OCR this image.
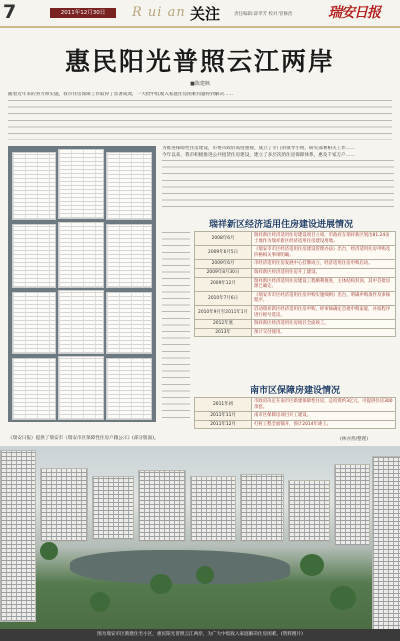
7	2011年12月30日	R ui an 关注	责任编辑:薛孝芳 校对:管修治	瑞安日报
惠民阳光普照云江两岸
■陈建枫
随着近年来的努力和实施，我市住房保障工作取得了显著成效，一大批中低收入家庭住房困难问题得到解决……
为推进保障性住房建设，市委市政府高度重视，成立了专门的领导小组，研究部署相关工作……
今年以来，我市积极推进公共租赁住房建设，建立了多层次的住房保障体系，惠及千家万户……
《瑞安日报》提供了瑞安市《瑞安市区保障性住房户籍公示》(部分版面)。
瑞祥新区经济适用住房建设进展情况
2008年6月	瑞祥新区经济适用住房建设项目立项，市政府在瑞祥新区划出81.24亩土地作为瑞祥新区经济适用住房建设用地。
2009年6月5日	《瑞安市市区经济适用住房建设管理办法》出台，经济适用住房申购及价格相关事项明确。
2009年6月	市经济适用住房发展中心挂牌成立，经济适用住房申购启动。
2009年8月30日	瑞祥新区经济适用住房开工建设。
2009年12月	瑞祥新区经济适用住房建设工程顺利推进，主体结构封顶，其中首批房源已确定。
2010年7月6日	《瑞安市市区经济适用住房申购实施细则》出台，明确申购条件及审核程序。
2010年9月至2011年1月	启动瑞祥新区经济适用住房申购，经审核确定首批申购家庭，并按程序进行摇号选房。
2012年底	瑞祥新区经济适用住房项目全面竣工。
2013年	预计交付使用。
南市区保障房建设情况
2011年初	市政府决定在南市区新建保障性住房，总投资约3亿元，可提供住房300余套。
2011年11月	南市区保障房项目开工建设。
2011年12月	打桩工程全面铺开，预计2014年竣工。
(林亦然/整理)
图为瑞安市区新建住宅小区，惠民阳光普照云江两岸，为广大中低收入家庭解决住房困难。(资料图片)
